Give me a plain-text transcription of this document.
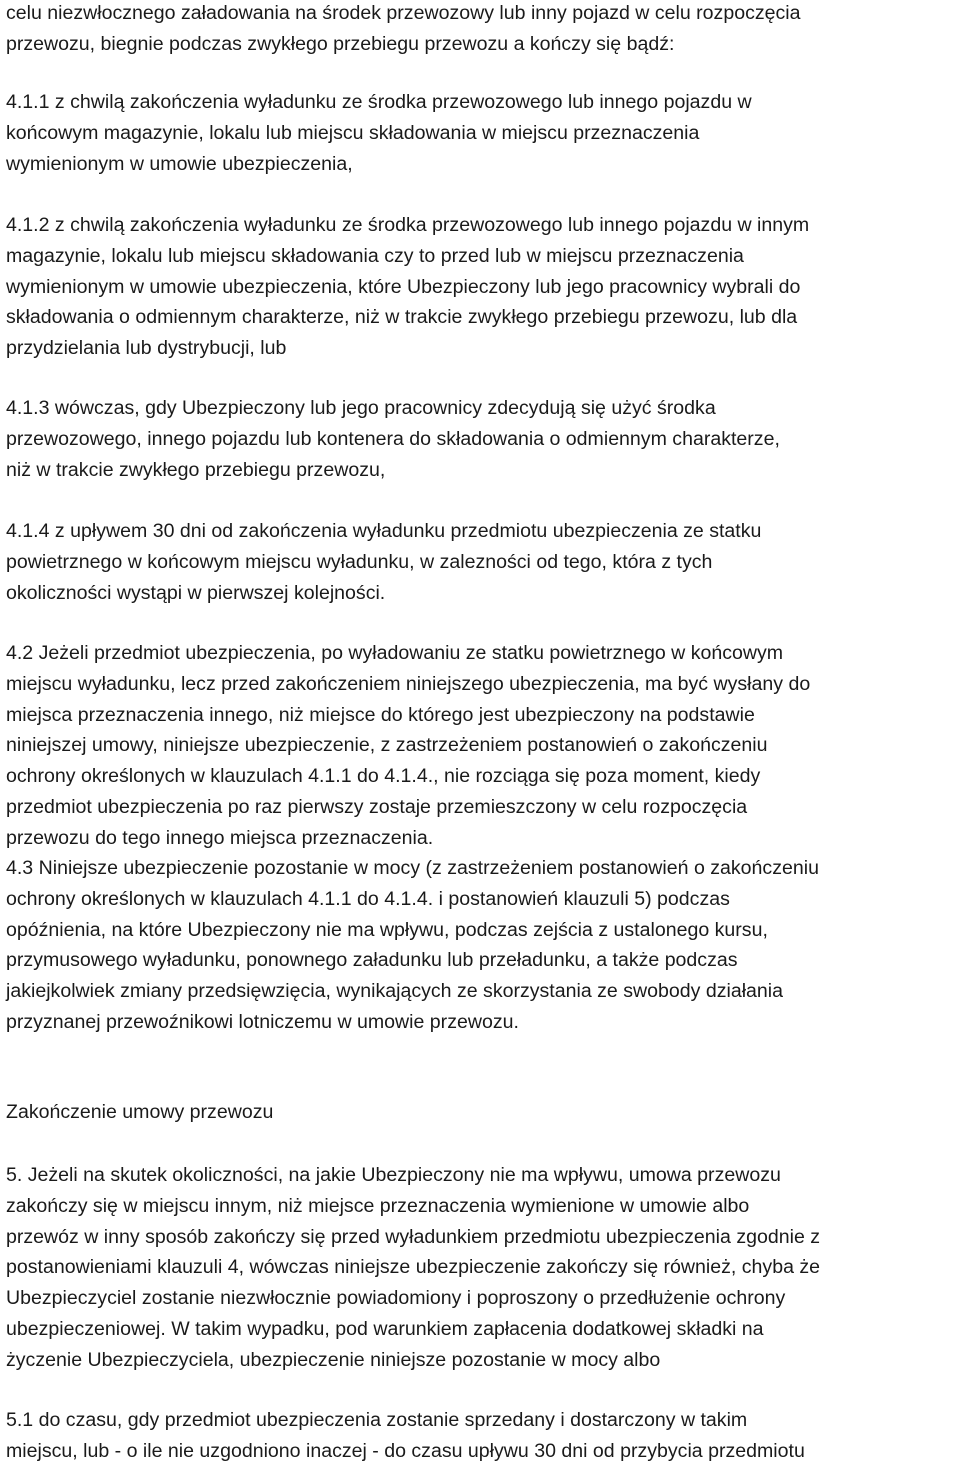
celu niezwłocznego załadowania na środek przewozowy lub inny pojazd w celu rozpoczęcia
przewozu, biegnie podczas zwykłego przebiegu przewozu a kończy się bądź:
4.1.1 z chwilą zakończenia wyładunku ze środka przewozowego lub innego pojazdu w
końcowym magazynie, lokalu lub miejscu składowania w miejscu przeznaczenia
wymienionym w umowie ubezpieczenia,
4.1.2 z chwilą zakończenia wyładunku ze środka przewozowego lub innego pojazdu w innym
magazynie, lokalu lub miejscu składowania czy to przed lub w miejscu przeznaczenia
wymienionym w umowie ubezpieczenia, które Ubezpieczony lub jego pracownicy wybrali do
składowania o odmiennym charakterze, niż w trakcie zwykłego przebiegu przewozu, lub dla
przydzielania lub dystrybucji, lub
4.1.3 wówczas, gdy Ubezpieczony lub jego pracownicy zdecydują się użyć środka
przewozowego, innego pojazdu lub kontenera do składowania o odmiennym charakterze,
niż w trakcie zwykłego przebiegu przewozu,
4.1.4 z upływem 30 dni od zakończenia wyładunku przedmiotu ubezpieczenia ze statku
powietrznego w końcowym miejscu wyładunku, w zalezności od tego, która z tych
okoliczności wystąpi w pierwszej kolejności.
4.2 Jeżeli przedmiot ubezpieczenia, po wyładowaniu ze statku powietrznego w końcowym
miejscu wyładunku, lecz przed zakończeniem niniejszego ubezpieczenia, ma być wysłany do
miejsca przeznaczenia innego, niż miejsce do którego jest ubezpieczony na podstawie
niniejszej umowy, niniejsze ubezpieczenie, z zastrzeżeniem postanowień o zakończeniu
ochrony określonych w klauzulach 4.1.1 do 4.1.4., nie rozciąga się poza moment, kiedy
przedmiot ubezpieczenia po raz pierwszy zostaje przemieszczony w celu rozpoczęcia
przewozu do tego innego miejsca przeznaczenia.
4.3 Niniejsze ubezpieczenie pozostanie w mocy (z zastrzeżeniem postanowień o zakończeniu
ochrony określonych w klauzulach 4.1.1 do 4.1.4. i postanowień klauzuli 5) podczas
opóźnienia, na które Ubezpieczony nie ma wpływu, podczas zejścia z ustalonego kursu,
przymusowego wyładunku, ponownego załadunku lub przeładunku, a także podczas
jakiejkolwiek zmiany przedsięwzięcia, wynikających ze skorzystania ze swobody działania
przyznanej przewoźnikowi lotniczemu w umowie przewozu.
Zakończenie umowy przewozu
5. Jeżeli na skutek okoliczności, na jakie Ubezpieczony nie ma wpływu, umowa przewozu
zakończy się w miejscu innym, niż miejsce przeznaczenia wymienione w umowie albo
przewóz w inny sposób zakończy się przed wyładunkiem przedmiotu ubezpieczenia zgodnie z
postanowieniami klauzuli 4, wówczas niniejsze ubezpieczenie zakończy się również, chyba że
Ubezpieczyciel zostanie niezwłocznie powiadomiony i poproszony o przedłużenie ochrony
ubezpieczeniowej. W takim wypadku, pod warunkiem zapłacenia dodatkowej składki na
życzenie Ubezpieczyciela, ubezpieczenie niniejsze pozostanie w mocy albo
5.1 do czasu, gdy przedmiot ubezpieczenia zostanie sprzedany i dostarczony w takim
miejscu, lub - o ile nie uzgodniono inaczej - do czasu upływu 30 dni od przybycia przedmiotu
